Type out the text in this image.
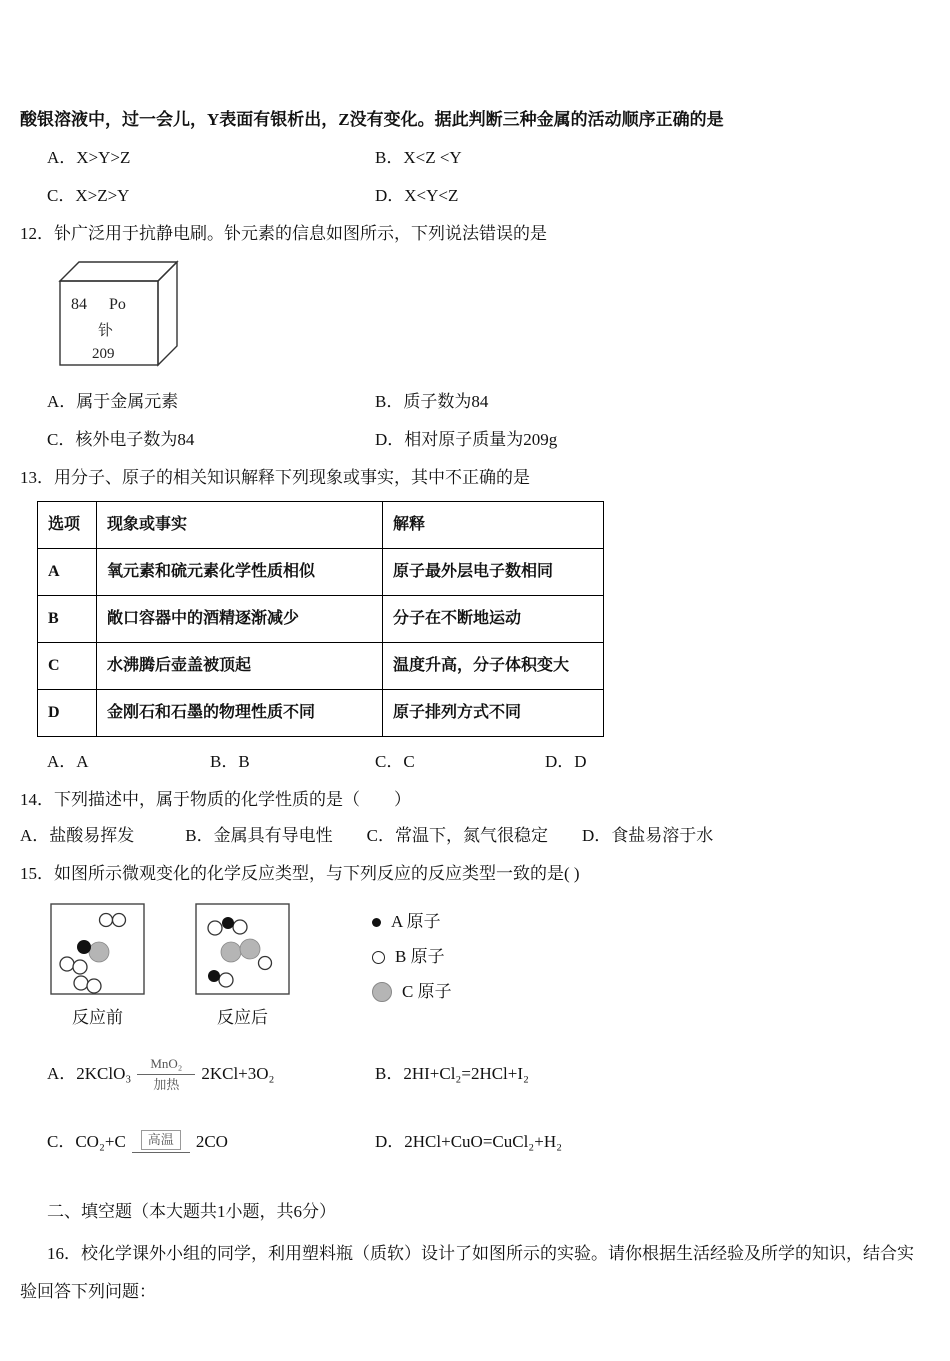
酸银溶液中，过一会儿，Y表面有银析出，Z没有变化。据此判断三种金属的活动顺序正确的是

A．X>Y>Z	B．X<Z <Y
C．X>Z>Y	D．X<Y<Z

12．钋广泛用于抗静电刷。钋元素的信息如图所示，下列说法错误的是

84 Po
钋
209
A．属于金属元素	B．质子数为84
C．核外电子数为84	D．相对原子质量为209g

13．用分子、原子的相关知识解释下列现象或事实，其中不正确的是

选项	现象或事实	解释
A	氧元素和硫元素化学性质相似	原子最外层电子数相同
B	敞口容器中的酒精逐渐减少	分子在不断地运动
C	水沸腾后壶盖被顶起	温度升高，分子体积变大
D	金刚石和石墨的物理性质不同	原子排列方式不同
A．A	B．B	C．C	D．D

14．下列描述中，属于物质的化学性质的是（　　）

A．盐酸易挥发　　　B．金属具有导电性　　C．常温下，氮气很稳定　　D．食盐易溶于水

15．如图所示微观变化的化学反应类型，与下列反应的反应类型一致的是( )

反应前	反应后
A 原子
B 原子
C 原子
A．2KClO₃ $\frac{\text{MnO₂}}{\text{加热}} 2KCl+3O_2$	B．2HI+Cl₂=2HCl+I₂
C．CO₂+C	高温	2CO	D．2HCl+CuO=CuCl₂+H₂

二、填空题（本大题共1小题，共6分）

16．校化学课外小组的同学，利用塑料瓶（质软）设计了如图所示的实验。请你根据生活经验及所学的知识，结合实验回答下列问题：
